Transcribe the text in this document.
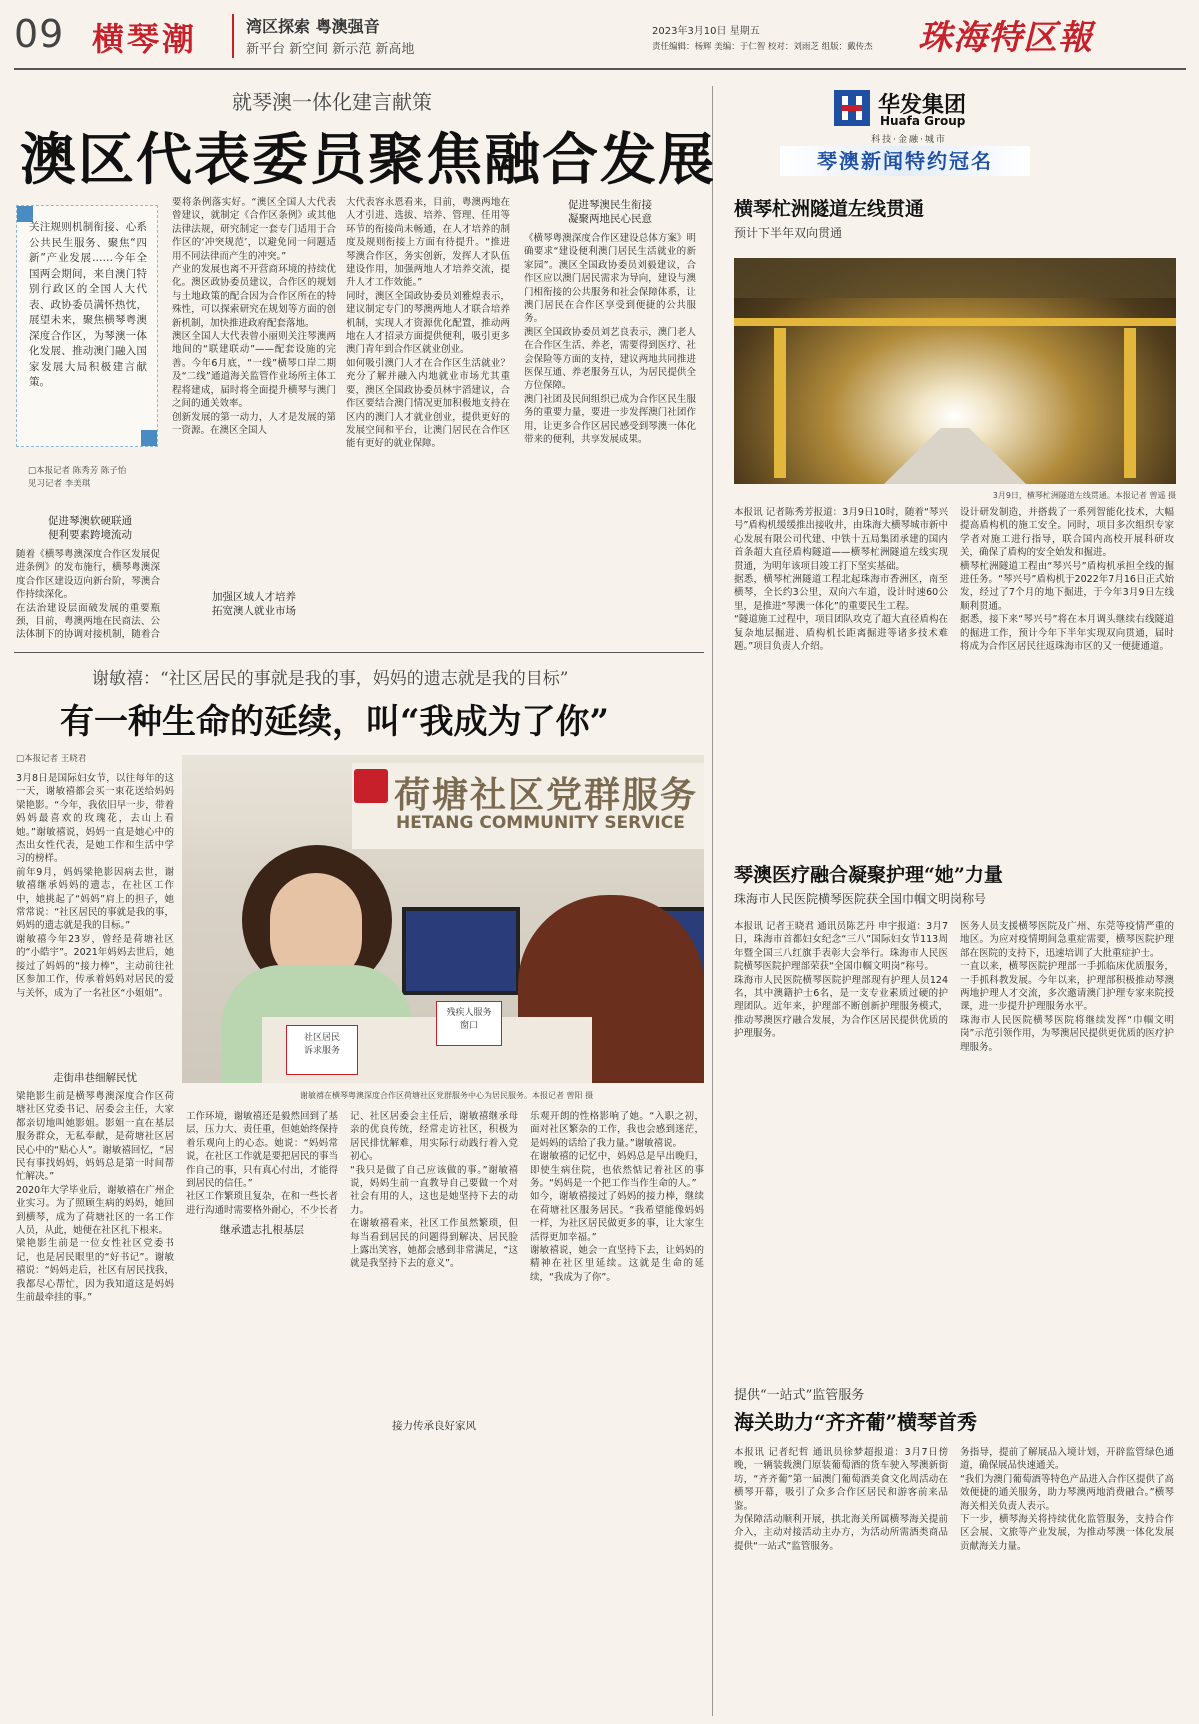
09 横琴潮	湾区探索 粤澳强音
新平台 新空间 新示范 新高地
2023年3月10日 星期五
责任编辑：杨辉 美编：于仁智 校对：刘雨芝 组版：戴传杰 珠海特区報
就琴澳一体化建言献策
澳区代表委员聚焦融合发展
关注规则机制衔接、心系公共民生服务、聚焦“四新”产业发展……今年全国两会期间，来自澳门特别行政区的全国人大代表、政协委员满怀热忱，展望未来，聚焦横琴粤澳深度合作区，为琴澳一体化发展、推动澳门融入国家发展大局积极建言献策。
□本报记者 陈秀芳 陈子怡
见习记者 李美琪
促进琴澳软硬联通
便利要素跨境流动
随着《横琴粤澳深度合作区发展促进条例》的发布施行，横琴粤澳深度合作区建设迈向新台阶，琴澳合作持续深化。
在法治建设层面破发展的重要瓶颈，目前，粤澳两地在民商法、公法体制下的协调对接机制，随着合
要将条例落实好。“澳区全国人大代表曾建议，就制定《合作区条例》或其他法律法规，研究制定一套专门适用于合作区的‘冲突规范’，以避免同一问题适用不同法律而产生的冲突。”
产业的发展也离不开营商环境的持续优化。澳区政协委员建议，合作区的规划与土地政策的配合因为合作区所在的特殊性，可以探索研究在规划等方面的创新机制，加快推进政府配套落地。
澳区全国人大代表曾小丽则关注琴澳两地间的“联建联动”——配套设施的完善。今年6月底，“一线”横琴口岸二期及“二线”通道海关监管作业场所主体工程将建成，届时将全面提升横琴与澳门之间的通关效率。
创新发展的第一动力，人才是发展的第一资源。在澳区全国人
加强区域人才培养
拓宽澳人就业市场
大代表容永恩看来，目前，粤澳两地在人才引进、选拔、培养、管理、任用等环节的衔接尚未畅通，在人才培养的制度及规则衔接上方面有待提升。“推进琴澳合作区，务实创新，发挥人才队伍建设作用，加强两地人才培养交流，提升人才工作效能。”
同时，澳区全国政协委员刘雅煌表示，建议制定专门的琴澳两地人才联合培养机制，实现人才资源优化配置，推动两地在人才招录方面提供便利，吸引更多澳门青年到合作区就业创业。
如何吸引澳门人才在合作区生活就业？充分了解并融入内地就业市场尤其重要，澳区全国政协委员林宇滔建议，合作区要结合澳门情况更加积极地支持在区内的澳门人才就业创业，提供更好的发展空间和平台，让澳门居民在合作区能有更好的就业保障。
促进琴澳民生衔接
凝聚两地民心民意
《横琴粤澳深度合作区建设总体方案》明确要求“建设便利澳门居民生活就业的新家园”。澳区全国政协委员刘毅建议，合作区应以澳门居民需求为导向，建设与澳门相衔接的公共服务和社会保障体系，让澳门居民在合作区享受到便捷的公共服务。
澳区全国政协委员刘艺良表示，澳门老人在合作区生活、养老，需要得到医疗、社会保险等方面的支持，建议两地共同推进医保互通、养老服务互认，为居民提供全方位保障。
澳门社团及民间组织已成为合作区民生服务的重要力量，要进一步发挥澳门社团作用，让更多合作区居民感受到琴澳一体化带来的便利，共享发展成果。
谢敏禧：“社区居民的事就是我的事，妈妈的遗志就是我的目标”
有一种生命的延续，叫“我成为了你”
□本报记者 王晓君
3月8日是国际妇女节，以往每年的这一天，谢敏禧都会买一束花送给妈妈梁艳影。“今年，我依旧早一步，带着妈妈最喜欢的玫瑰花，去山上看她。”谢敏禧说，妈妈一直是她心中的杰出女性代表，是她工作和生活中学习的榜样。
前年9月，妈妈梁艳影因病去世，谢敏禧继承妈妈的遗志，在社区工作中，她挑起了“妈妈”肩上的担子，她常常说：“社区居民的事就是我的事，妈妈的遗志就是我的目标。”
谢敏禧今年23岁，曾经是荷塘社区的“小皓宇”。2021年妈妈去世后，她接过了妈妈的“接力棒”，主动前往社区参加工作，传承着妈妈对居民的爱与关怀，成为了一名社区“小姐姐”。
荷塘社区党群服务
HETANG COMMUNITY SERVICE
社区居民
诉求服务
残疾人服务
窗口
谢敏禧在横琴粤澳深度合作区荷塘社区党群服务中心为居民服务。本报记者 曾阳 摄
走街串巷细解民忧
梁艳影生前是横琴粤澳深度合作区荷塘社区党委书记、居委会主任，大家都亲切地叫她影姐。影姐一直在基层服务群众，无私奉献，是荷塘社区居民心中的“贴心人”。谢敏禧回忆，“居民有事找妈妈，妈妈总是第一时间帮忙解决。”
2020年大学毕业后，谢敏禧在广州企业实习。为了照顾生病的妈妈，她回到横琴，成为了荷塘社区的一名工作人员，从此，她便在社区扎下根来。
梁艳影生前是一位女性社区党委书记，也是居民眼里的“好书记”。谢敏禧说：“妈妈走后，社区有居民找我，我都尽心帮忙，因为我知道这是妈妈生前最牵挂的事。”
工作环境，谢敏禧还是毅然回到了基层，压力大、责任重，但她始终保持着乐观向上的心态。她说：“妈妈常说，在社区工作就是要把居民的事当作自己的事，只有真心付出，才能得到居民的信任。”
社区工作繁琐且复杂，在和一些长者进行沟通时需要格外耐心，不少长者

继承遗志扎根基层
记、社区居委会主任后，谢敏禧继承母亲的优良传统，经常走访社区，积极为居民排忧解难，用实际行动践行着入党初心。
“我只是做了自己应该做的事。”谢敏禧说，妈妈生前一直教导自己要做一个对社会有用的人，这也是她坚持下去的动力。
在谢敏禧看来，社区工作虽然繁琐，但每当看到居民的问题得到解决、居民脸上露出笑容，她都会感到非常满足，“这就是我坚持下去的意义”。
接力传承良好家风
乐观开朗的性格影响了她。“入职之初，面对社区繁杂的工作，我也会感到迷茫，是妈妈的话给了我力量。”谢敏禧说。
在谢敏禧的记忆中，妈妈总是早出晚归，即使生病住院，也依然惦记着社区的事务。“妈妈是一个把工作当作生命的人。”
如今，谢敏禧接过了妈妈的接力棒，继续在荷塘社区服务居民。“我希望能像妈妈一样，为社区居民做更多的事，让大家生活得更加幸福。”
谢敏禧说，她会一直坚持下去，让妈妈的精神在社区里延续。这就是生命的延续，“我成为了你”。
华发集团
Huafa Group
科技·金融·城市
琴澳新闻特约冠名
横琴杧洲隧道左线贯通
预计下半年双向贯通
3月9日，横琴杧洲隧道左线贯通。本报记者 曾遥 摄
本报讯 记者陈秀芳报道：3月9日10时，随着“琴兴号”盾构机缓缓推出接收井，由珠海大横琴城市新中心发展有限公司代建、中铁十五局集团承建的国内首条超大直径盾构隧道——横琴杧洲隧道左线实现贯通，为明年该项目竣工打下坚实基础。
据悉，横琴杧洲隧道工程北起珠海市香洲区，南至横琴，全长约3公里，双向六车道，设计时速60公里，是推进“琴澳一体化”的重要民生工程。
“隧道施工过程中，项目团队攻克了超大直径盾构在复杂地层掘进、盾构机长距离掘进等诸多技术难题。”项目负责人介绍。
设计研发制造，并搭载了一系列智能化技术，大幅提高盾构机的施工安全。同时，项目多次组织专家学者对施工进行指导，联合国内高校开展科研攻关，确保了盾构的安全始发和掘进。
横琴杧洲隧道工程由“琴兴号”盾构机承担全线的掘进任务。“琴兴号”盾构机于2022年7月16日正式始发，经过了7个月的地下掘进，于今年3月9日左线顺利贯通。
据悉，接下来“琴兴号”将在本月调头继续右线隧道的掘进工作，预计今年下半年实现双向贯通，届时将成为合作区居民往返珠海市区的又一便捷通道。
琴澳医疗融合凝聚护理“她”力量
珠海市人民医院横琴医院获全国巾帼文明岗称号
本报讯 记者王晓君 通讯员陈艺丹 申宇报道：3月7日，珠海市首都妇女纪念“三八”国际妇女节113周年暨全国三八红旗手表彰大会举行。珠海市人民医院横琴医院护理部荣获“全国巾帼文明岗”称号。
珠海市人民医院横琴医院护理部现有护理人员124名，其中澳籍护士6名，是一支专业素质过硬的护理团队。近年来，护理部不断创新护理服务模式，推动琴澳医疗融合发展，为合作区居民提供优质的护理服务。
医务人员支援横琴医院及广州、东莞等疫情严重的地区。为应对疫情期间急重症需要，横琴医院护理部在医院的支持下，迅速培训了大批重症护士。
一直以来，横琴医院护理部一手抓临床优质服务，一手抓科教发展。今年以来，护理部积极推动琴澳两地护理人才交流，多次邀请澳门护理专家来院授课，进一步提升护理服务水平。
珠海市人民医院横琴医院将继续发挥“巾帼文明岗”示范引领作用，为琴澳居民提供更优质的医疗护理服务。
提供“一站式”监管服务
海关助力“齐齐葡”横琴首秀
本报讯 记者纪哲 通讯员徐梦超报道：3月7日傍晚，一辆装载澳门原装葡萄酒的货车驶入琴澳新街坊，“齐齐葡”第一届澳门葡萄酒美食文化周活动在横琴开幕，吸引了众多合作区居民和游客前来品鉴。
为保障活动顺利开展，拱北海关所属横琴海关提前介入，主动对接活动主办方，为活动所需酒类商品提供“一站式”监管服务。
务指导，提前了解展品入境计划，开辟监管绿色通道，确保展品快速通关。
“我们为澳门葡萄酒等特色产品进入合作区提供了高效便捷的通关服务，助力琴澳两地消费融合。”横琴海关相关负责人表示。
下一步，横琴海关将持续优化监管服务，支持合作区会展、文旅等产业发展，为推动琴澳一体化发展贡献海关力量。
